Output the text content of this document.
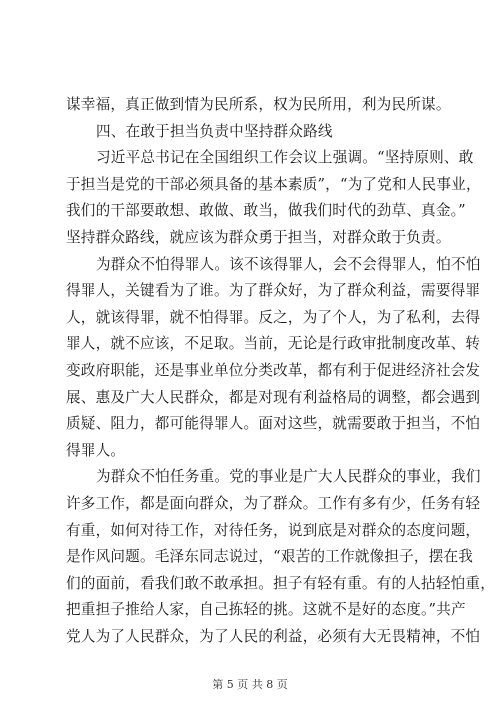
谋幸福，真正做到情为民所系，权为民所用，利为民所谋。
四、在敢于担当负责中坚持群众路线
习近平总书记在全国组织工作会议上强调。“坚持原则、敢
于担当是党的干部必须具备的基本素质”，“为了党和人民事业，
我们的干部要敢想、敢做、敢当，做我们时代的劲草、真金。”
坚持群众路线，就应该为群众勇于担当，对群众敢于负责。
为群众不怕得罪人。该不该得罪人，会不会得罪人，怕不怕
得罪人，关键看为了谁。为了群众好，为了群众利益，需要得罪
人，就该得罪，就不怕得罪。反之，为了个人，为了私利，去得
罪人，就不应该，不足取。当前，无论是行政审批制度改革、转
变政府职能，还是事业单位分类改革，都有利于促进经济社会发
展、惠及广大人民群众，都是对现有利益格局的调整，都会遇到
质疑、阻力，都可能得罪人。面对这些，就需要敢于担当，不怕
得罪人。
为群众不怕任务重。党的事业是广大人民群众的事业，我们
许多工作，都是面向群众，为了群众。工作有多有少，任务有轻
有重，如何对待工作，对待任务，说到底是对群众的态度问题，
是作风问题。毛泽东同志说过，“艰苦的工作就像担子，摆在我
们的面前，看我们敢不敢承担。担子有轻有重。有的人拈轻怕重，
把重担子推给人家，自己拣轻的挑。这就不是好的态度。”共产
党人为了人民群众，为了人民的利益，必须有大无畏精神，不怕
第 5 页 共 8 页
